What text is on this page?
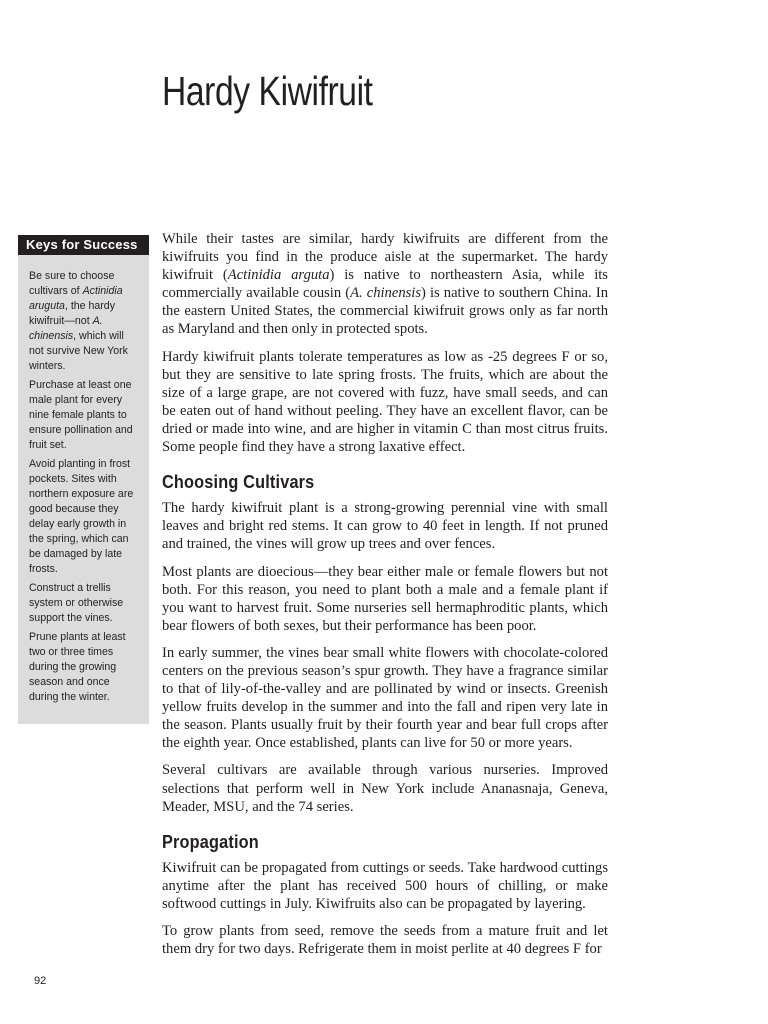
Hardy Kiwifruit
Keys for Success

Be sure to choose cultivars of Actinidia aruguta, the hardy kiwifruit—not A. chinensis, which will not survive New York winters.

Purchase at least one male plant for every nine female plants to ensure pollination and fruit set.

Avoid planting in frost pockets. Sites with northern exposure are good because they delay early growth in the spring, which can be damaged by late frosts.

Construct a trellis system or otherwise support the vines.

Prune plants at least two or three times during the growing season and once during the winter.

While their tastes are similar, hardy kiwifruits are different from the kiwifruits you find in the produce aisle at the supermarket. The hardy kiwifruit (Actinidia arguta) is native to northeastern Asia, while its commercially available cousin (A. chinensis) is native to southern China. In the eastern United States, the commercial kiwifruit grows only as far north as Maryland and then only in protected spots.

Hardy kiwifruit plants tolerate temperatures as low as -25 degrees F or so, but they are sensitive to late spring frosts. The fruits, which are about the size of a large grape, are not covered with fuzz, have small seeds, and can be eaten out of hand without peeling. They have an excellent flavor, can be dried or made into wine, and are higher in vitamin C than most citrus fruits. Some people find they have a strong laxative effect.

Choosing Cultivars

The hardy kiwifruit plant is a strong-growing perennial vine with small leaves and bright red stems. It can grow to 40 feet in length. If not pruned and trained, the vines will grow up trees and over fences.

Most plants are dioecious—they bear either male or female flowers but not both. For this reason, you need to plant both a male and a female plant if you want to harvest fruit. Some nurseries sell hermaphroditic plants, which bear flowers of both sexes, but their performance has been poor.

In early summer, the vines bear small white flowers with chocolate-colored centers on the previous season’s spur growth. They have a fragrance similar to that of lily-of-the-valley and are pollinated by wind or insects. Greenish yellow fruits develop in the summer and into the fall and ripen very late in the season. Plants usually fruit by their fourth year and bear full crops after the eighth year. Once established, plants can live for 50 or more years.

Several cultivars are available through various nurseries. Improved selections that perform well in New York include Ananasnaja, Geneva, Meader, MSU, and the 74 series.

Propagation

Kiwifruit can be propagated from cuttings or seeds. Take hardwood cuttings anytime after the plant has received 500 hours of chilling, or make softwood cuttings in July. Kiwifruits also can be propagated by layering.

To grow plants from seed, remove the seeds from a mature fruit and let them dry for two days. Refrigerate them in moist perlite at 40 degrees F for

92
